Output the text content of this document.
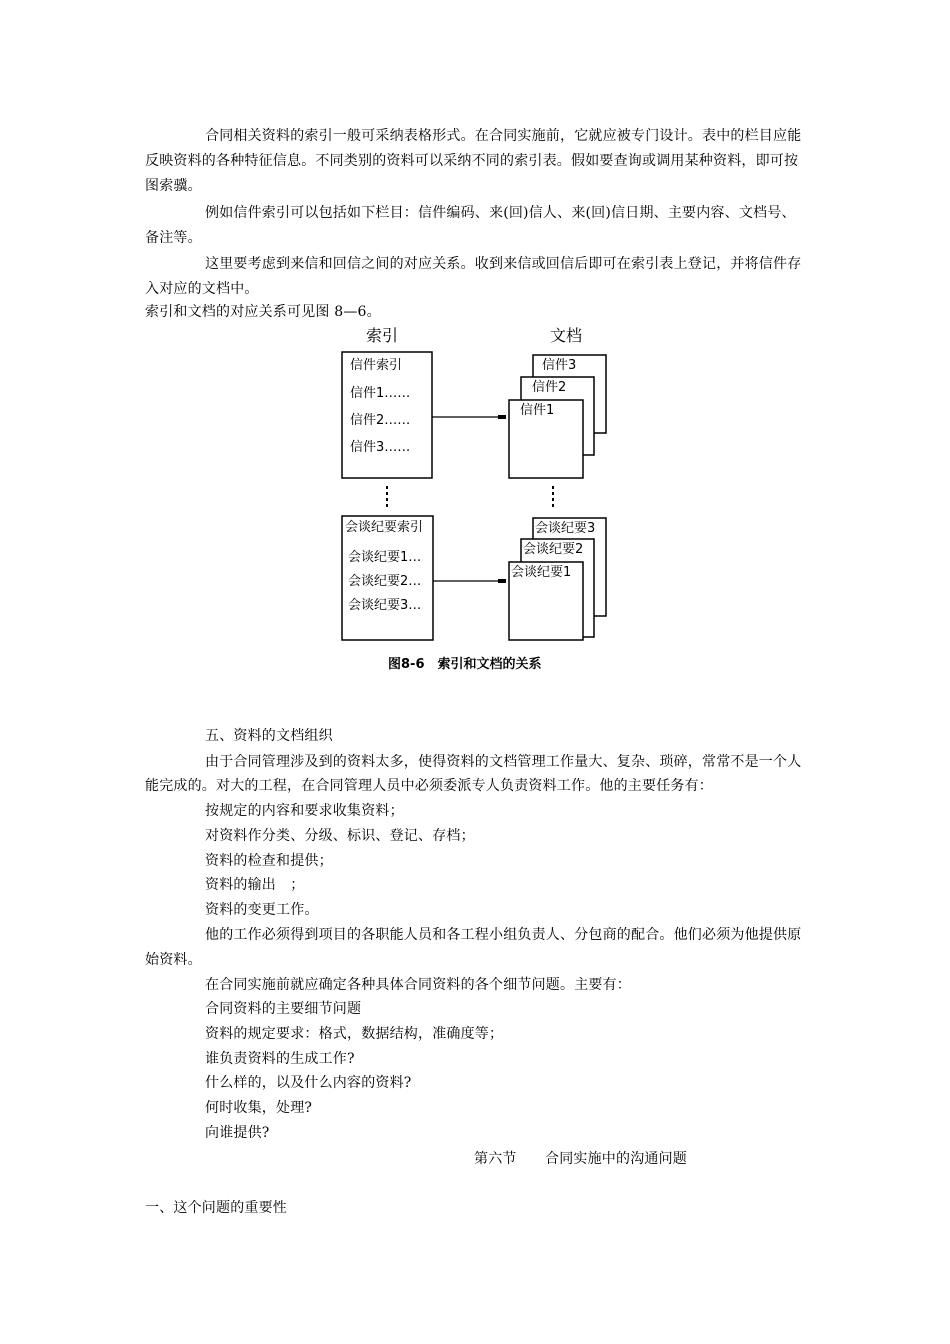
合同相关资料的索引一般可采纳表格形式。在合同实施前，它就应被专门设计。表中的栏目应能
反映资料的各种特征信息。不同类别的资料可以采纳不同的索引表。假如要查询或调用某种资料，即可按
图索骥。
例如信件索引可以包括如下栏目：信件编码、来(回)信人、来(回)信日期、主要内容、文档号、
备注等。
这里要考虑到来信和回信之间的对应关系。收到来信或回信后即可在索引表上登记，并将信件存
入对应的文档中。
索引和文档的对应关系可见图 8—6。
索引	文档
信件索引
信件1……
信件2……
信件3……
信件3
信件2
信件1
会谈纪要索引
会谈纪要1…
会谈纪要2…
会谈纪要3…
会谈纪要3
会谈纪要2
会谈纪要1
图8-6　索引和文档的关系
五、资料的文档组织
由于合同管理涉及到的资料太多，使得资料的文档管理工作量大、复杂、琐碎，常常不是一个人
能完成的。对大的工程，在合同管理人员中必须委派专人负责资料工作。他的主要任务有：
按规定的内容和要求收集资料；
对资料作分类、分级、标识、登记、存档；
资料的检查和提供；
资料的输出　；
资料的变更工作。
他的工作必须得到项目的各职能人员和各工程小组负责人、分包商的配合。他们必须为他提供原
始资料。
在合同实施前就应确定各种具体合同资料的各个细节问题。主要有：
合同资料的主要细节问题
资料的规定要求：格式，数据结构，准确度等；
谁负责资料的生成工作?
什么样的，以及什么内容的资料?
何时收集，处理?
向谁提供?
第六节　　合同实施中的沟通问题
一、这个问题的重要性
